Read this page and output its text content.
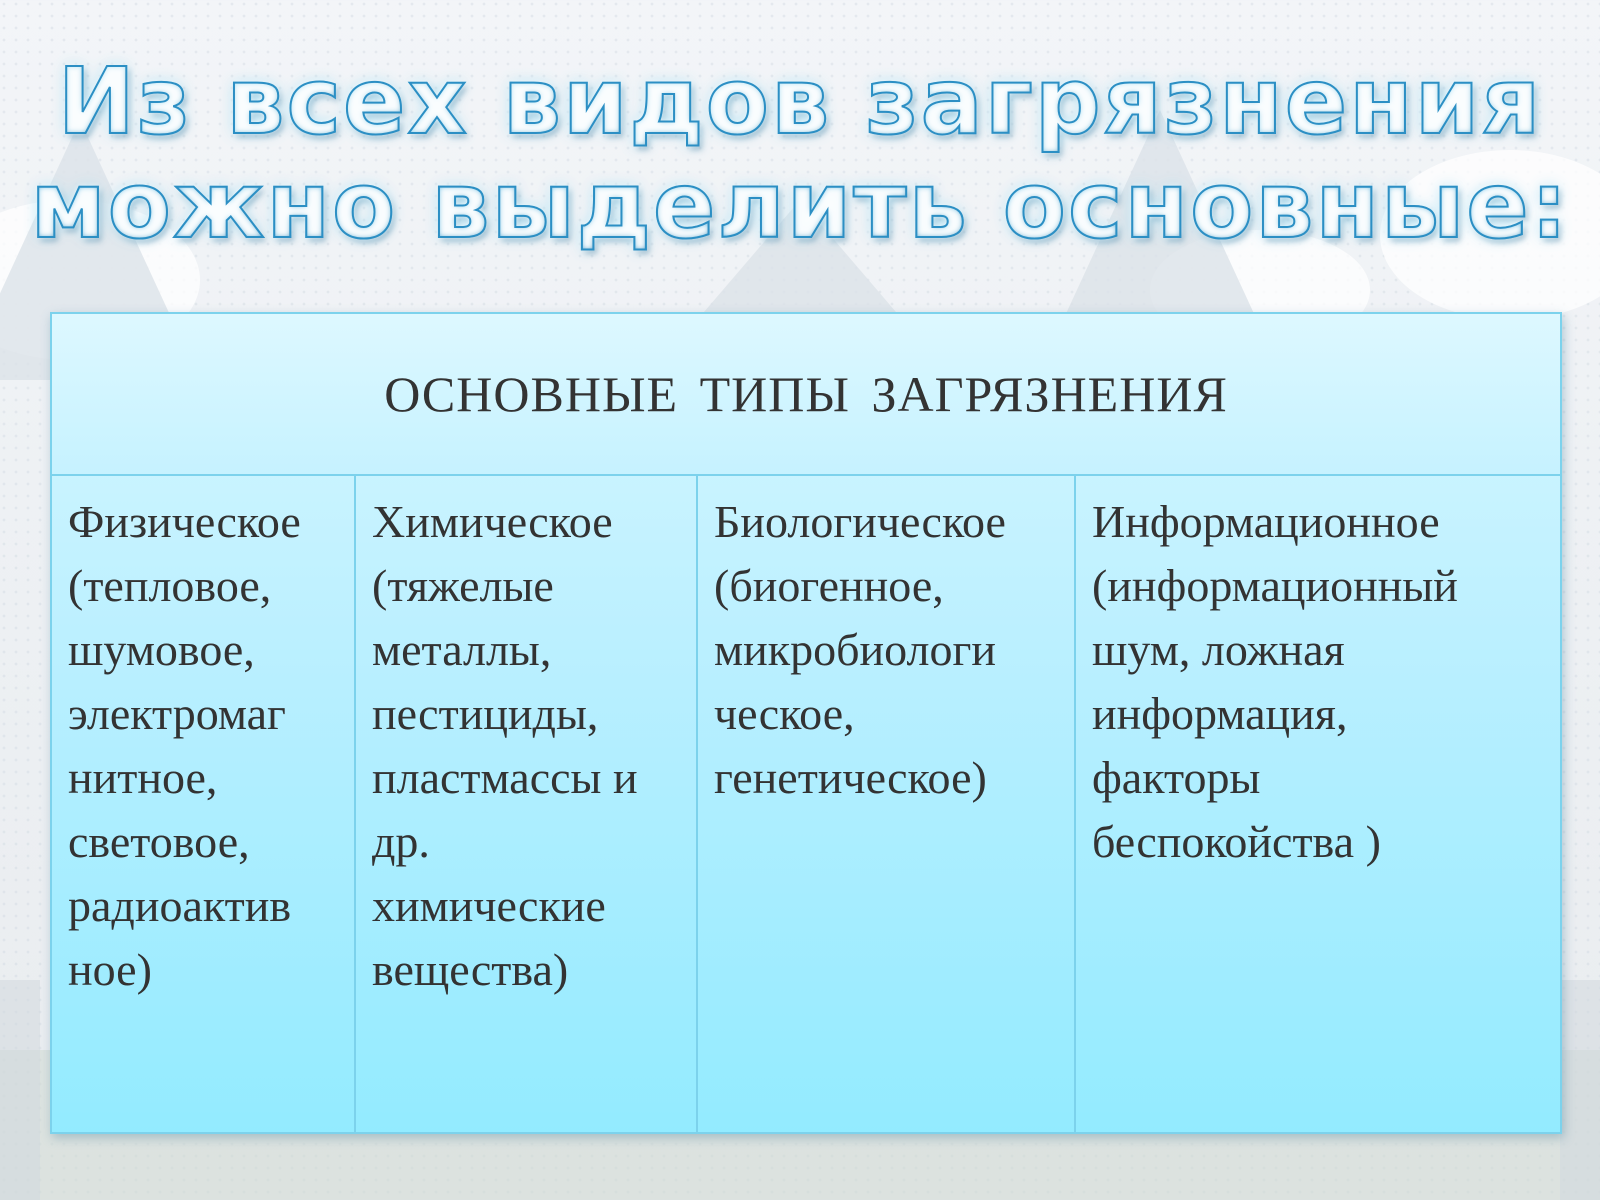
Из всех видов загрязнения
можно выделить основные:
ОСНОВНЫЕ ТИПЫ ЗАГРЯЗНЕНИЯ
Физическое
(тепловое,
шумовое,
электромаг
нитное,
световое,
радиоактив
ное)
Химическое
(тяжелые
металлы,
пестициды,
пластмассы и
др.
химические
вещества)
Биологическое
(биогенное,
микробиологи
ческое,
генетическое)
Информационное
(информационный
шум, ложная
информация,
факторы
беспокойства )
